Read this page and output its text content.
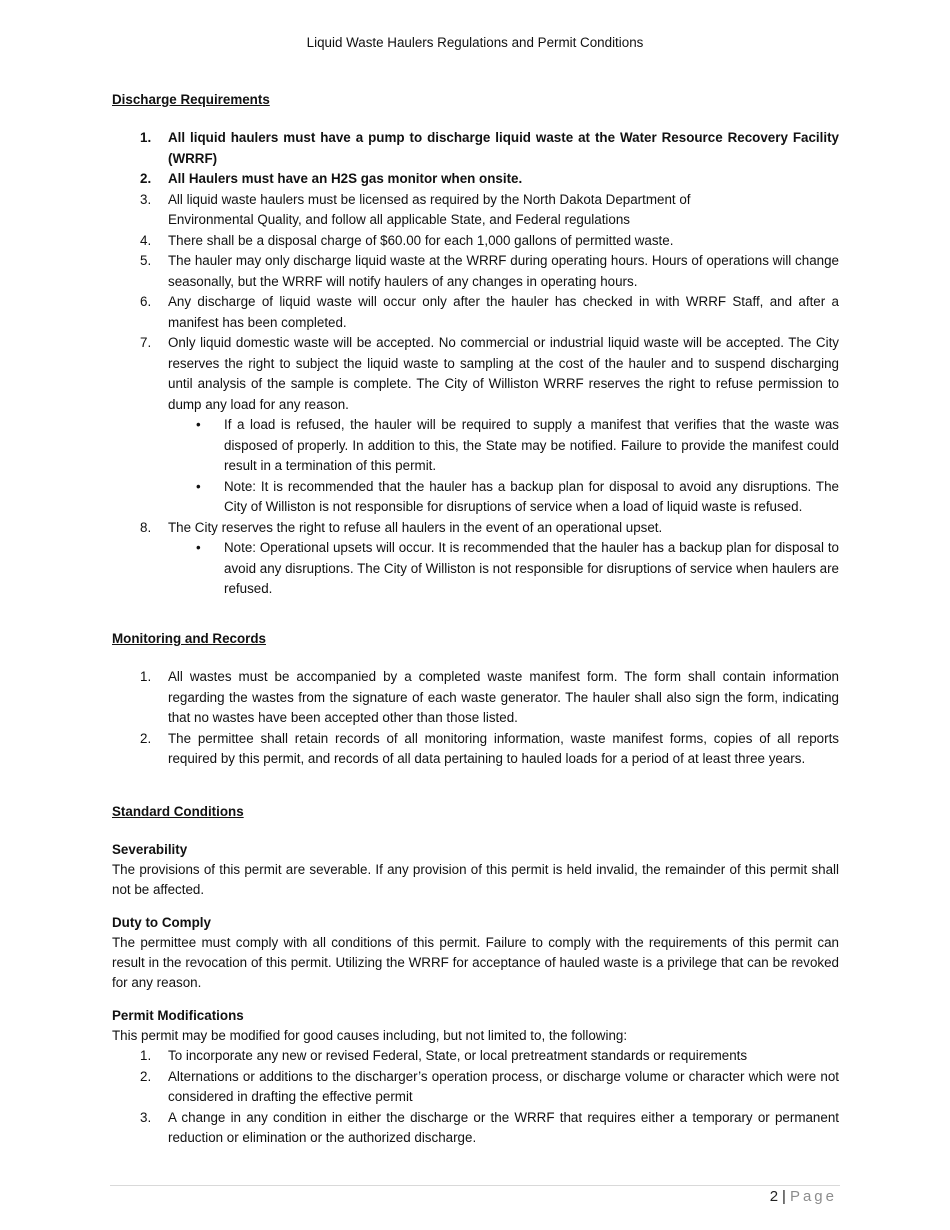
Liquid Waste Haulers Regulations and Permit Conditions

Discharge Requirements

1. All liquid haulers must have a pump to discharge liquid waste at the Water Resource Recovery Facility (WRRF)
2. All Haulers must have an H2S gas monitor when onsite.
3. All liquid waste haulers must be licensed as required by the North Dakota Department of Environmental Quality, and follow all applicable State, and Federal regulations
4. There shall be a disposal charge of $60.00 for each 1,000 gallons of permitted waste.
5. The hauler may only discharge liquid waste at the WRRF during operating hours. Hours of operations will change seasonally, but the WRRF will notify haulers of any changes in operating hours.
6. Any discharge of liquid waste will occur only after the hauler has checked in with WRRF Staff, and after a manifest has been completed.
7. Only liquid domestic waste will be accepted. No commercial or industrial liquid waste will be accepted. The City reserves the right to subject the liquid waste to sampling at the cost of the hauler and to suspend discharging until analysis of the sample is complete. The City of Williston WRRF reserves the right to refuse permission to dump any load for any reason.
• If a load is refused, the hauler will be required to supply a manifest that verifies that the waste was disposed of properly. In addition to this, the State may be notified. Failure to provide the manifest could result in a termination of this permit.
• Note: It is recommended that the hauler has a backup plan for disposal to avoid any disruptions. The City of Williston is not responsible for disruptions of service when a load of liquid waste is refused.
8. The City reserves the right to refuse all haulers in the event of an operational upset.
• Note: Operational upsets will occur. It is recommended that the hauler has a backup plan for disposal to avoid any disruptions. The City of Williston is not responsible for disruptions of service when haulers are refused.

Monitoring and Records

1. All wastes must be accompanied by a completed waste manifest form. The form shall contain information regarding the wastes from the signature of each waste generator. The hauler shall also sign the form, indicating that no wastes have been accepted other than those listed.
2. The permittee shall retain records of all monitoring information, waste manifest forms, copies of all reports required by this permit, and records of all data pertaining to hauled loads for a period of at least three years.

Standard Conditions

Severability

The provisions of this permit are severable. If any provision of this permit is held invalid, the remainder of this permit shall not be affected.

Duty to Comply

The permittee must comply with all conditions of this permit. Failure to comply with the requirements of this permit can result in the revocation of this permit. Utilizing the WRRF for acceptance of hauled waste is a privilege that can be revoked for any reason.

Permit Modifications

This permit may be modified for good causes including, but not limited to, the following:

1. To incorporate any new or revised Federal, State, or local pretreatment standards or requirements
2. Alternations or additions to the discharger’s operation process, or discharge volume or character which were not considered in drafting the effective permit
3. A change in any condition in either the discharge or the WRRF that requires either a temporary or permanent reduction or elimination or the authorized discharge.
2 | Page
